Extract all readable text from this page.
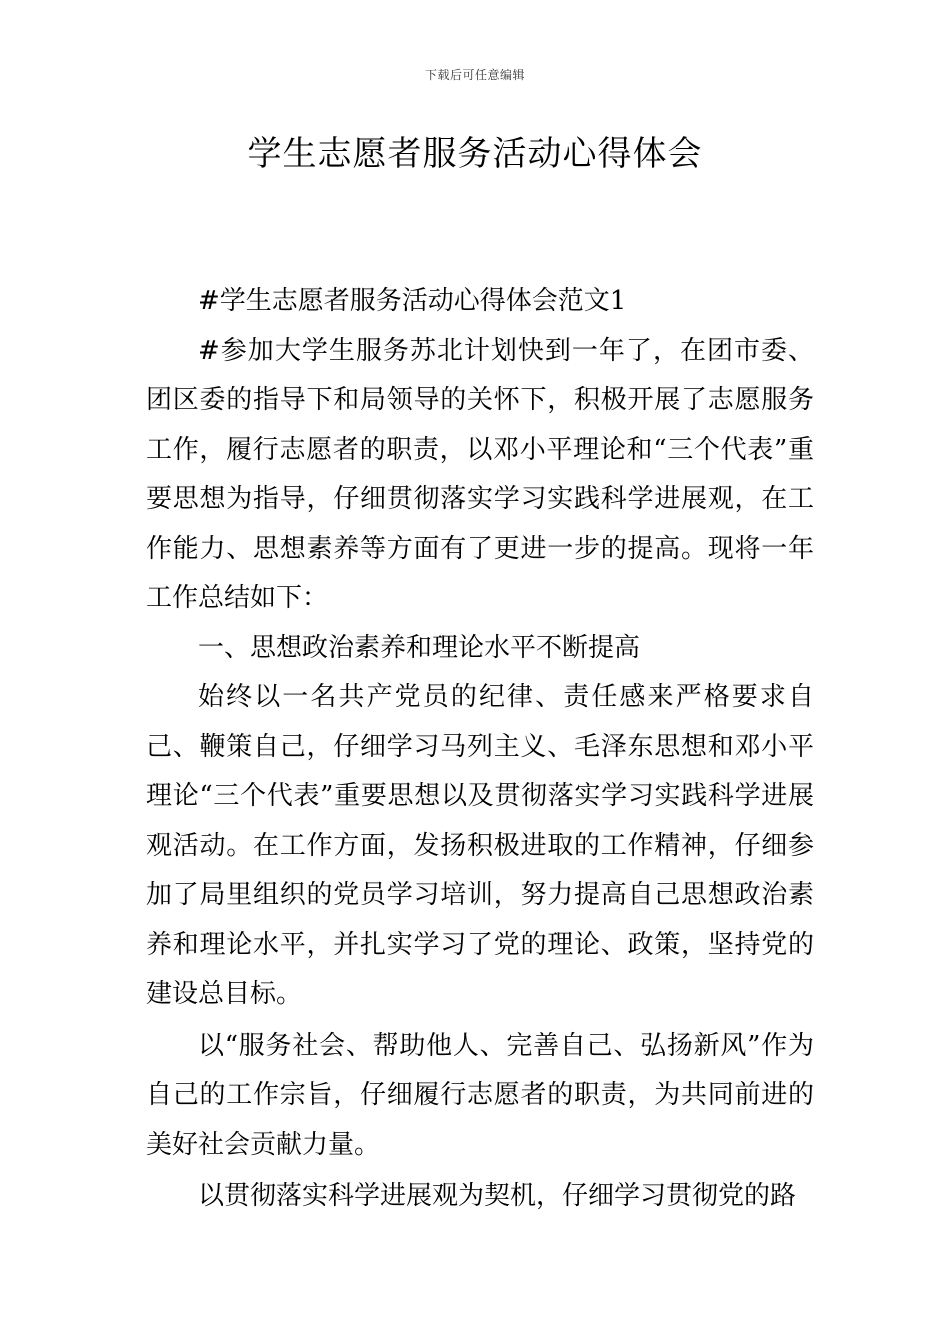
下载后可任意编辑
学生志愿者服务活动心得体会

#学生志愿者服务活动心得体会范文1

#参加大学生服务苏北计划快到一年了，在团市委、团区委的指导下和局领导的关怀下，积极开展了志愿服务工作，履行志愿者的职责，以邓小平理论和“三个代表”重要思想为指导，仔细贯彻落实学习实践科学进展观，在工作能力、思想素养等方面有了更进一步的提高。现将一年工作总结如下：

一、思想政治素养和理论水平不断提高

始终以一名共产党员的纪律、责任感来严格要求自己、鞭策自己，仔细学习马列主义、毛泽东思想和邓小平理论“三个代表”重要思想以及贯彻落实学习实践科学进展观活动。在工作方面，发扬积极进取的工作精神，仔细参加了局里组织的党员学习培训，努力提高自己思想政治素养和理论水平，并扎实学习了党的理论、政策，坚持党的建设总目标。

以“服务社会、帮助他人、完善自己、弘扬新风”作为自己的工作宗旨，仔细履行志愿者的职责，为共同前进的美好社会贡献力量。

以贯彻落实科学进展观为契机，仔细学习贯彻党的路
